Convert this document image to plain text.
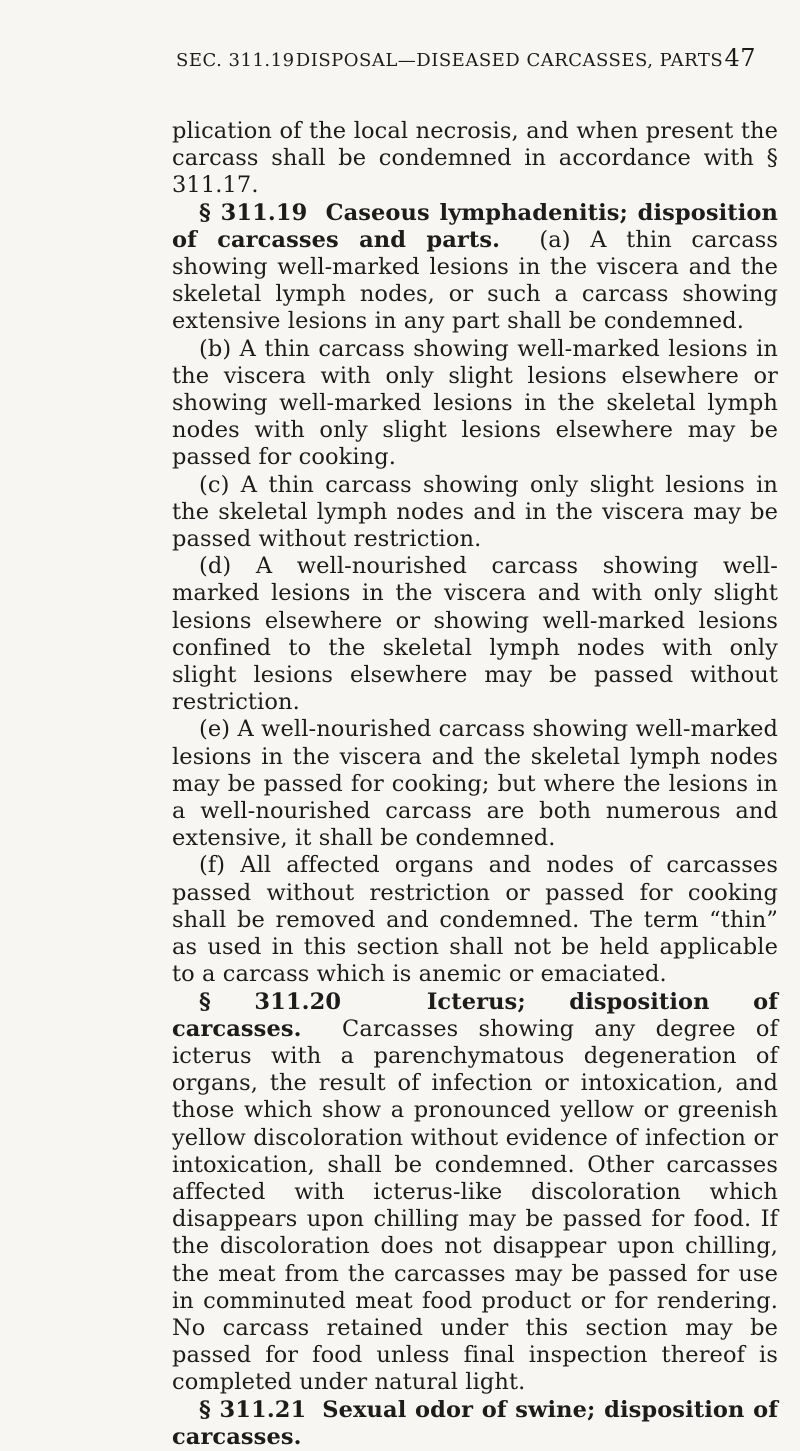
SEC. 311.19 DISPOSAL—DISEASED CARCASSES, PARTS 47

plication of the local necrosis, and when present the carcass shall be condemned in accordance with § 311.17.

§ 311.19 Caseous lymphadenitis; disposition of carcasses and parts. (a) A thin carcass showing well-marked lesions in the viscera and the skeletal lymph nodes, or such a carcass showing extensive lesions in any part shall be condemned.

(b) A thin carcass showing well-marked lesions in the viscera with only slight lesions elsewhere or showing well-marked lesions in the skeletal lymph nodes with only slight lesions elsewhere may be passed for cooking.

(c) A thin carcass showing only slight lesions in the skeletal lymph nodes and in the viscera may be passed without restriction.

(d) A well-nourished carcass showing well-marked lesions in the viscera and with only slight lesions elsewhere or showing well-marked lesions confined to the skeletal lymph nodes with only slight lesions elsewhere may be passed without restriction.

(e) A well-nourished carcass showing well-marked lesions in the viscera and the skeletal lymph nodes may be passed for cooking; but where the lesions in a well-nourished carcass are both numerous and extensive, it shall be condemned.

(f) All affected organs and nodes of carcasses passed without restriction or passed for cooking shall be removed and condemned. The term “thin” as used in this section shall not be held applicable to a carcass which is anemic or emaciated.

§ 311.20	Icterus; disposition of carcasses. Carcasses showing any degree of icterus with a parenchymatous degeneration of organs, the result of infection or intoxication, and those which show a pronounced yellow or greenish yellow discoloration without evidence of infection or intoxication, shall be condemned. Other carcasses affected with icterus-like discoloration which disappears upon chilling may be passed for food. If the discoloration does not disappear upon chilling, the meat from the carcasses may be passed for use in comminuted meat food product or for rendering. No carcass retained under this section may be passed for food unless final inspection thereof is completed under natural light.

§ 311.21 Sexual odor of swine; disposition of carcasses.
